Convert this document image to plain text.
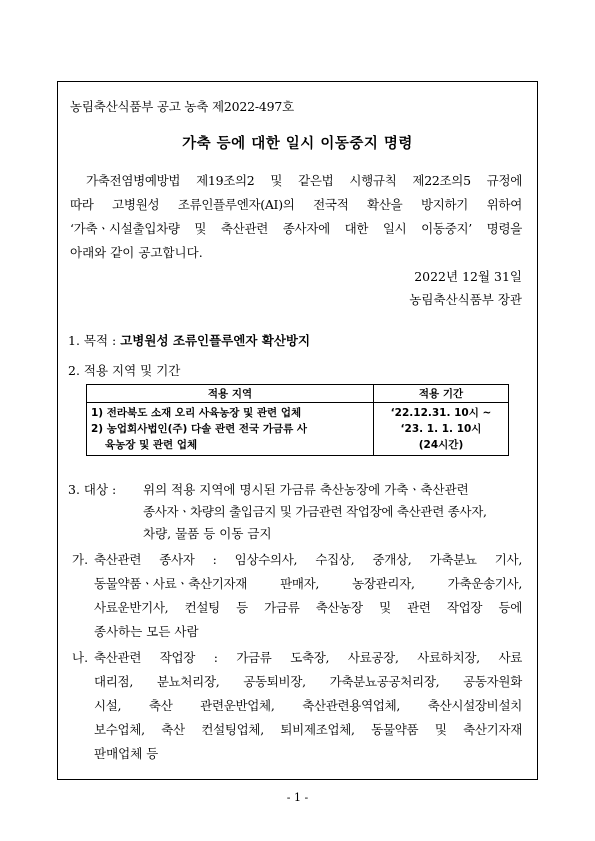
농림축산식품부 공고 농축 제2022-497호
가축 등에 대한 일시 이동중지 명령
가축전염병예방법 제19조의2 및 같은법 시행규칙 제22조의5 규정에
따라 고병원성 조류인플루엔자(AI)의 전국적 확산을 방지하기 위하여
‘가축ㆍ시설출입차량 및 축산관련 종사자에 대한 일시 이동중지’ 명령을
아래와 같이 공고합니다.
2022년 12월 31일
농림축산식품부 장관
1. 목적 : 고병원성 조류인플루엔자 확산방지
2. 적용 지역 및 기간
적용 지역	적용 기간

1) 전라북도 소재 오리 사육농장 및 관련 업체
2) 농업회사법인(주) 다솔 관련 전국 가금류 사
육농장 및 관련 업체	‘22.12.31. 10시 ~
‘23. 1. 1. 10시
(24시간)
3. 대상 : 위의 적용 지역에 명시된 가금류 축산농장에 가축ㆍ축산관련
종사자ㆍ차량의 출입금지 및 가금관련 작업장에 축산관련 종사자,
차량, 물품 등 이동 금지
가. 축산관련 종사자 : 임상수의사, 수집상, 중개상, 가축분뇨 기사,
동물약품ㆍ사료ㆍ축산기자재 판매자, 농장관리자, 가축운송기사,
사료운반기사, 컨설팅 등 가금류 축산농장 및 관련 작업장 등에
종사하는 모든 사람
나. 축산관련 작업장 : 가금류 도축장, 사료공장, 사료하치장, 사료
대리점, 분뇨처리장, 공동퇴비장, 가축분뇨공공처리장, 공동자원화
시설, 축산 관련운반업체, 축산관련용역업체, 축산시설장비설치
보수업체, 축산 컨설팅업체, 퇴비제조업체, 동물약품 및 축산기자재
판매업체 등
- 1 -
